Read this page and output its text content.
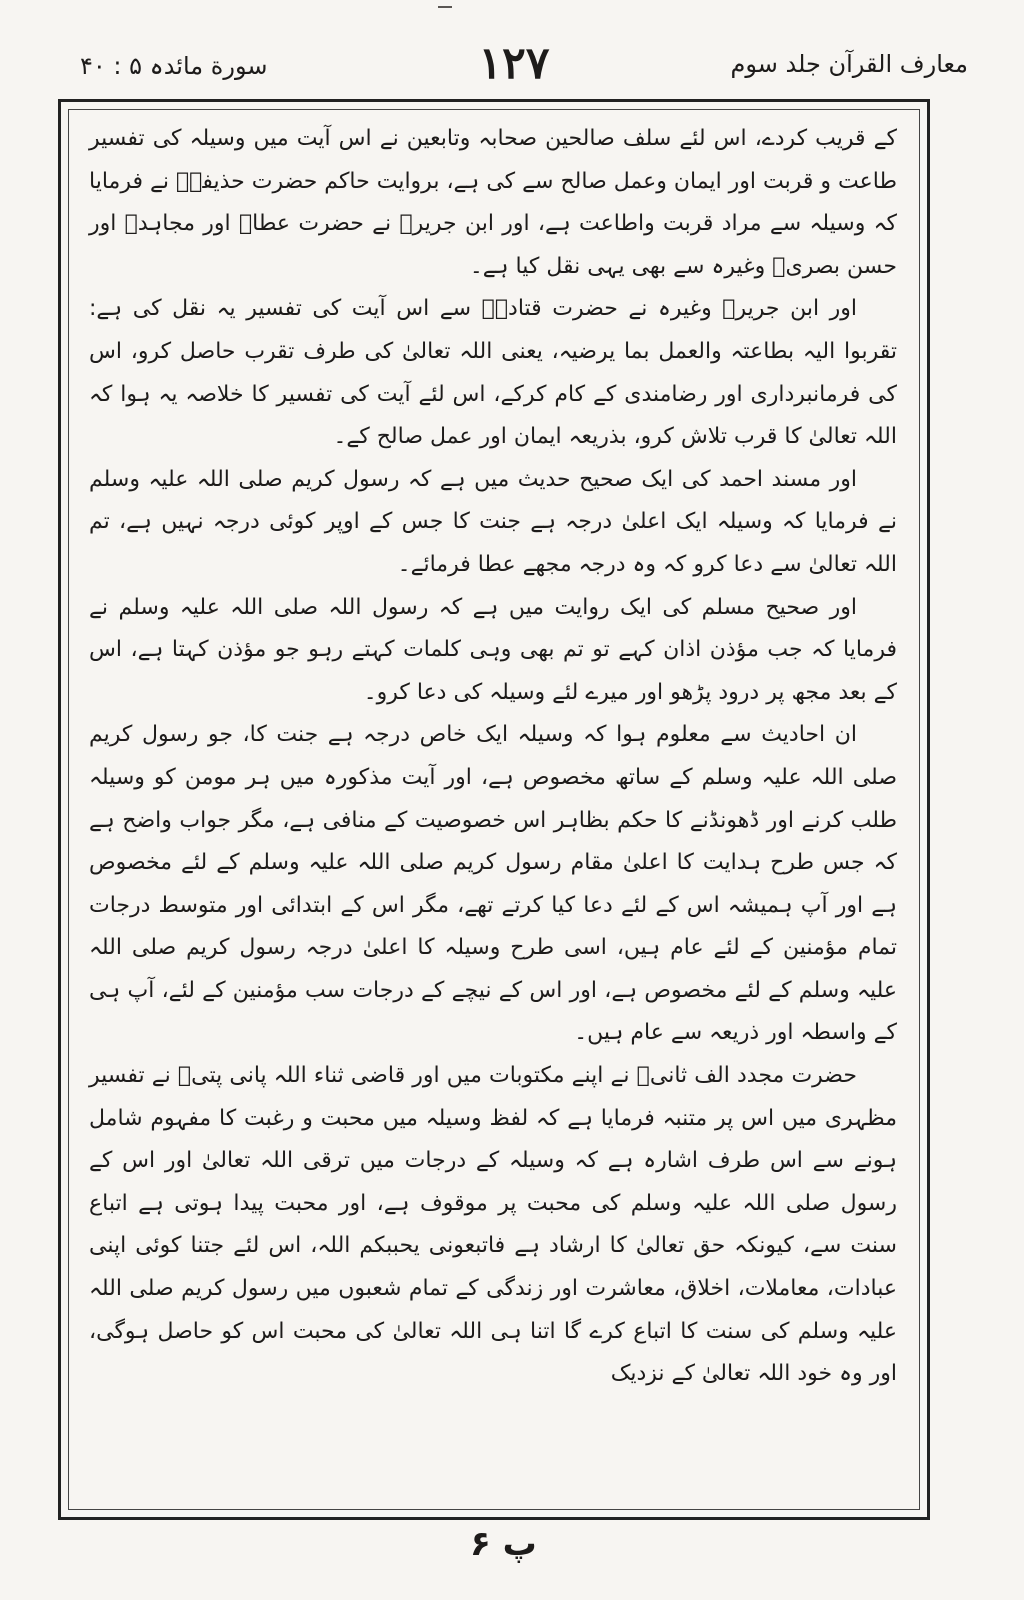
سورة مائدہ ۵ : ۴۰	۱۲۷	معارف القرآن جلد سوم

کے قریب کردے، اس لئے سلف صالحین صحابہ وتابعین نے اس آیت میں وسیلہ کی تفسیر طاعت و قربت اور ایمان وعمل صالح سے کی ہے، بروایت حاکم حضرت حذیفہؓ نے فرمایا کہ وسیلہ سے مراد قربت واطاعت ہے، اور ابن جریرؒ نے حضرت عطاؒ اور مجاہدؒ اور حسن بصریؒ وغیرہ سے بھی یہی نقل کیا ہے۔

اور ابن جریرؒ وغیرہ نے حضرت قتادہؒ سے اس آیت کی تفسیر یہ نقل کی ہے: تقربوا الیہ بطاعتہ والعمل بما یرضیہ، یعنی اللہ تعالیٰ کی طرف تقرب حاصل کرو، اس کی فرمانبرداری اور رضامندی کے کام کرکے، اس لئے آیت کی تفسیر کا خلاصہ یہ ہوا کہ اللہ تعالیٰ کا قرب تلاش کرو، بذریعہ ایمان اور عمل صالح کے۔

اور مسند احمد کی ایک صحیح حدیث میں ہے کہ رسول کریم صلی اللہ علیہ وسلم نے فرمایا کہ وسیلہ ایک اعلیٰ درجہ ہے جنت کا جس کے اوپر کوئی درجہ نہیں ہے، تم اللہ تعالیٰ سے دعا کرو کہ وہ درجہ مجھے عطا فرمائے۔

اور صحیح مسلم کی ایک روایت میں ہے کہ رسول اللہ صلی اللہ علیہ وسلم نے فرمایا کہ جب مؤذن اذان کہے تو تم بھی وہی کلمات کہتے رہو جو مؤذن کہتا ہے، اس کے بعد مجھ پر درود پڑھو اور میرے لئے وسیلہ کی دعا کرو۔

ان احادیث سے معلوم ہوا کہ وسیلہ ایک خاص درجہ ہے جنت کا، جو رسول کریم صلی اللہ علیہ وسلم کے ساتھ مخصوص ہے، اور آیت مذکورہ میں ہر مومن کو وسیلہ طلب کرنے اور ڈھونڈنے کا حکم بظاہر اس خصوصیت کے منافی ہے، مگر جواب واضح ہے کہ جس طرح ہدایت کا اعلیٰ مقام رسول کریم صلی اللہ علیہ وسلم کے لئے مخصوص ہے اور آپ ہمیشہ اس کے لئے دعا کیا کرتے تھے، مگر اس کے ابتدائی اور متوسط درجات تمام مؤمنین کے لئے عام ہیں، اسی طرح وسیلہ کا اعلیٰ درجہ رسول کریم صلی اللہ علیہ وسلم کے لئے مخصوص ہے، اور اس کے نیچے کے درجات سب مؤمنین کے لئے، آپ ہی کے واسطہ اور ذریعہ سے عام ہیں۔

حضرت مجدد الف ثانیؒ نے اپنے مکتوبات میں اور قاضی ثناء اللہ پانی پتیؒ نے تفسیر مظہری میں اس پر متنبہ فرمایا ہے کہ لفظ وسیلہ میں محبت و رغبت کا مفہوم شامل ہونے سے اس طرف اشارہ ہے کہ وسیلہ کے درجات میں ترقی اللہ تعالیٰ اور اس کے رسول صلی اللہ علیہ وسلم کی محبت پر موقوف ہے، اور محبت پیدا ہوتی ہے اتباع سنت سے، کیونکہ حق تعالیٰ کا ارشاد ہے فاتبعونی یحببکم اللہ، اس لئے جتنا کوئی اپنی عبادات، معاملات، اخلاق، معاشرت اور زندگی کے تمام شعبوں میں رسول کریم صلی اللہ علیہ وسلم کی سنت کا اتباع کرے گا اتنا ہی اللہ تعالیٰ کی محبت اس کو حاصل ہوگی، اور وہ خود اللہ تعالیٰ کے نزدیک

پ ۶
